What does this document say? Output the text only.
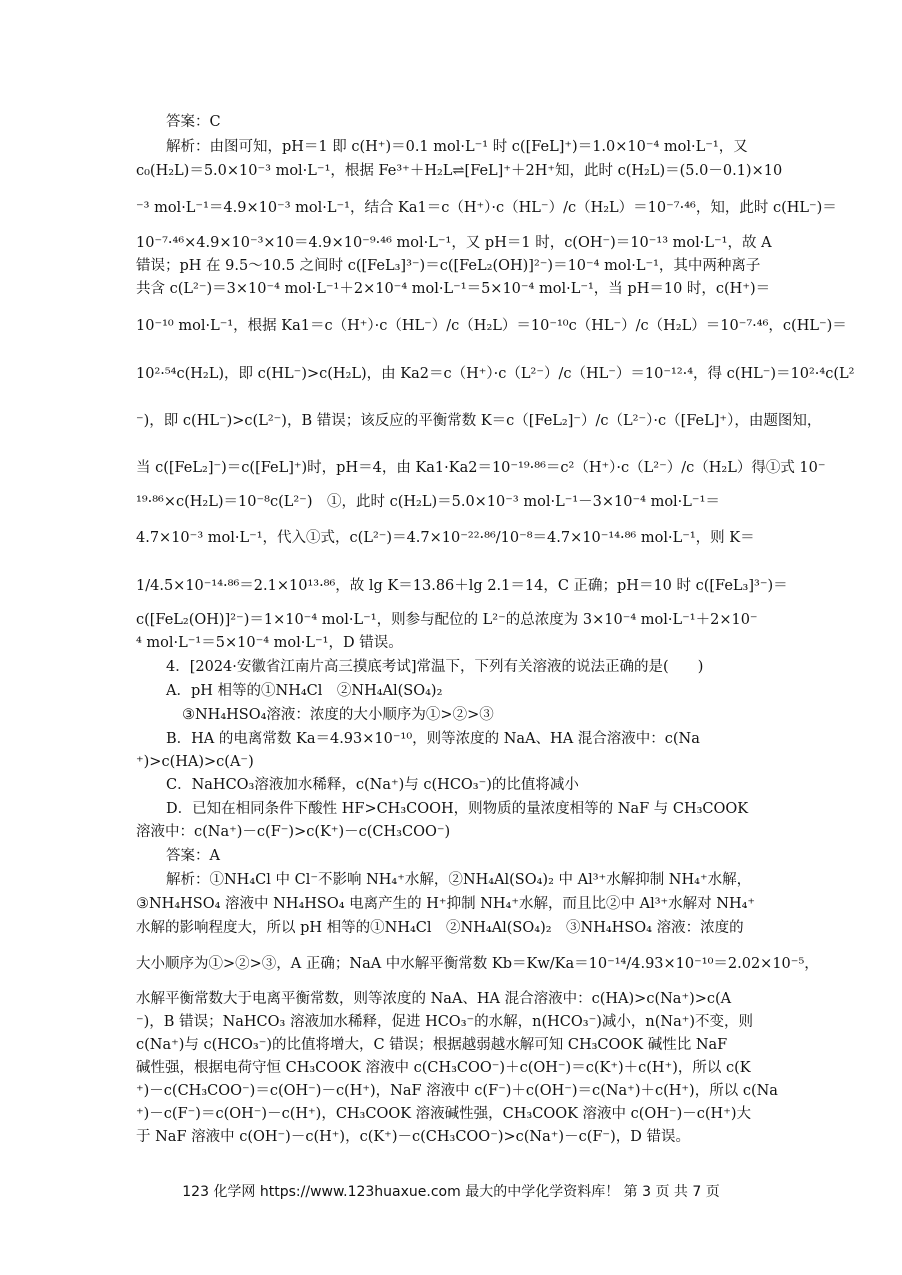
答案：C
解析：由图可知，pH＝1 即 c(H⁺)＝0.1 mol·L⁻¹ 时 c([FeL]⁺)＝1.0×10⁻⁴ mol·L⁻¹，又
c₀(H₂L)＝5.0×10⁻³ mol·L⁻¹，根据 Fe³⁺＋H₂L⇌[FeL]⁺＋2H⁺知，此时 c(H₂L)＝(5.0－0.1)×10
⁻³ mol·L⁻¹＝4.9×10⁻³ mol·L⁻¹，结合 Ka1＝c（H⁺）·c（HL⁻）/c（H₂L）＝10⁻⁷·⁴⁶，知，此时 c(HL⁻)＝
10⁻⁷·⁴⁶×4.9×10⁻³×10＝4.9×10⁻⁹·⁴⁶ mol·L⁻¹，又 pH＝1 时，c(OH⁻)＝10⁻¹³ mol·L⁻¹，故 A
错误；pH 在 9.5～10.5 之间时 c([FeL₃]³⁻)＝c([FeL₂(OH)]²⁻)＝10⁻⁴ mol·L⁻¹，其中两种离子
共含 c(L²⁻)＝3×10⁻⁴ mol·L⁻¹＋2×10⁻⁴ mol·L⁻¹＝5×10⁻⁴ mol·L⁻¹，当 pH＝10 时，c(H⁺)＝
10⁻¹⁰ mol·L⁻¹，根据 Ka1＝c（H⁺）·c（HL⁻）/c（H₂L）＝10⁻¹⁰c（HL⁻）/c（H₂L）＝10⁻⁷·⁴⁶，c(HL⁻)＝
10²·⁵⁴c(H₂L)，即 c(HL⁻)>c(H₂L)，由 Ka2＝c（H⁺）·c（L²⁻）/c（HL⁻）＝10⁻¹²·⁴，得 c(HL⁻)＝10²·⁴c(L²
⁻)，即 c(HL⁻)>c(L²⁻)，B 错误；该反应的平衡常数 K＝c（[FeL₂]⁻）/c（L²⁻）·c（[FeL]⁺），由题图知，
当 c([FeL₂]⁻)＝c([FeL]⁺)时，pH＝4，由 Ka1·Ka2＝10⁻¹⁹·⁸⁶＝c²（H⁺）·c（L²⁻）/c（H₂L）得①式 10⁻
¹⁹·⁸⁶×c(H₂L)＝10⁻⁸c(L²⁻)　①，此时 c(H₂L)＝5.0×10⁻³ mol·L⁻¹－3×10⁻⁴ mol·L⁻¹＝
4.7×10⁻³ mol·L⁻¹，代入①式，c(L²⁻)＝4.7×10⁻²²·⁸⁶/10⁻⁸＝4.7×10⁻¹⁴·⁸⁶ mol·L⁻¹，则 K＝
1/4.5×10⁻¹⁴·⁸⁶＝2.1×10¹³·⁸⁶，故 lg K＝13.86＋lg 2.1＝14，C 正确；pH＝10 时 c([FeL₃]³⁻)＝
c([FeL₂(OH)]²⁻)＝1×10⁻⁴ mol·L⁻¹，则参与配位的 L²⁻的总浓度为 3×10⁻⁴ mol·L⁻¹＋2×10⁻
⁴ mol·L⁻¹＝5×10⁻⁴ mol·L⁻¹，D 错误。
4．[2024·安徽省江南片高三摸底考试]常温下，下列有关溶液的说法正确的是(　　)
A．pH 相等的①NH₄Cl　②NH₄Al(SO₄)₂
③NH₄HSO₄溶液：浓度的大小顺序为①>②>③
B．HA 的电离常数 Ka＝4.93×10⁻¹⁰，则等浓度的 NaA、HA 混合溶液中：c(Na
⁺)>c(HA)>c(A⁻)
C．NaHCO₃溶液加水稀释，c(Na⁺)与 c(HCO₃⁻)的比值将减小
D．已知在相同条件下酸性 HF>CH₃COOH，则物质的量浓度相等的 NaF 与 CH₃COOK
溶液中：c(Na⁺)－c(F⁻)>c(K⁺)－c(CH₃COO⁻)
答案：A
解析：①NH₄Cl 中 Cl⁻不影响 NH₄⁺水解，②NH₄Al(SO₄)₂ 中 Al³⁺水解抑制 NH₄⁺水解，
③NH₄HSO₄ 溶液中 NH₄HSO₄ 电离产生的 H⁺抑制 NH₄⁺水解，而且比②中 Al³⁺水解对 NH₄⁺
水解的影响程度大，所以 pH 相等的①NH₄Cl　②NH₄Al(SO₄)₂　③NH₄HSO₄ 溶液：浓度的
大小顺序为①>②>③，A 正确；NaA 中水解平衡常数 Kb＝Kw/Ka＝10⁻¹⁴/4.93×10⁻¹⁰＝2.02×10⁻⁵，
水解平衡常数大于电离平衡常数，则等浓度的 NaA、HA 混合溶液中：c(HA)>c(Na⁺)>c(A
⁻)，B 错误；NaHCO₃ 溶液加水稀释，促进 HCO₃⁻的水解，n(HCO₃⁻)减小，n(Na⁺)不变，则
c(Na⁺)与 c(HCO₃⁻)的比值将增大，C 错误；根据越弱越水解可知 CH₃COOK 碱性比 NaF
碱性强，根据电荷守恒 CH₃COOK 溶液中 c(CH₃COO⁻)＋c(OH⁻)＝c(K⁺)＋c(H⁺)，所以 c(K
⁺)－c(CH₃COO⁻)＝c(OH⁻)－c(H⁺)，NaF 溶液中 c(F⁻)＋c(OH⁻)＝c(Na⁺)＋c(H⁺)，所以 c(Na
⁺)－c(F⁻)＝c(OH⁻)－c(H⁺)，CH₃COOK 溶液碱性强，CH₃COOK 溶液中 c(OH⁻)－c(H⁺)大
于 NaF 溶液中 c(OH⁻)－c(H⁺)，c(K⁺)－c(CH₃COO⁻)>c(Na⁺)－c(F⁻)，D 错误。
123 化学网 https://www.123huaxue.com 最大的中学化学资料库！ 第 3 页 共 7 页
